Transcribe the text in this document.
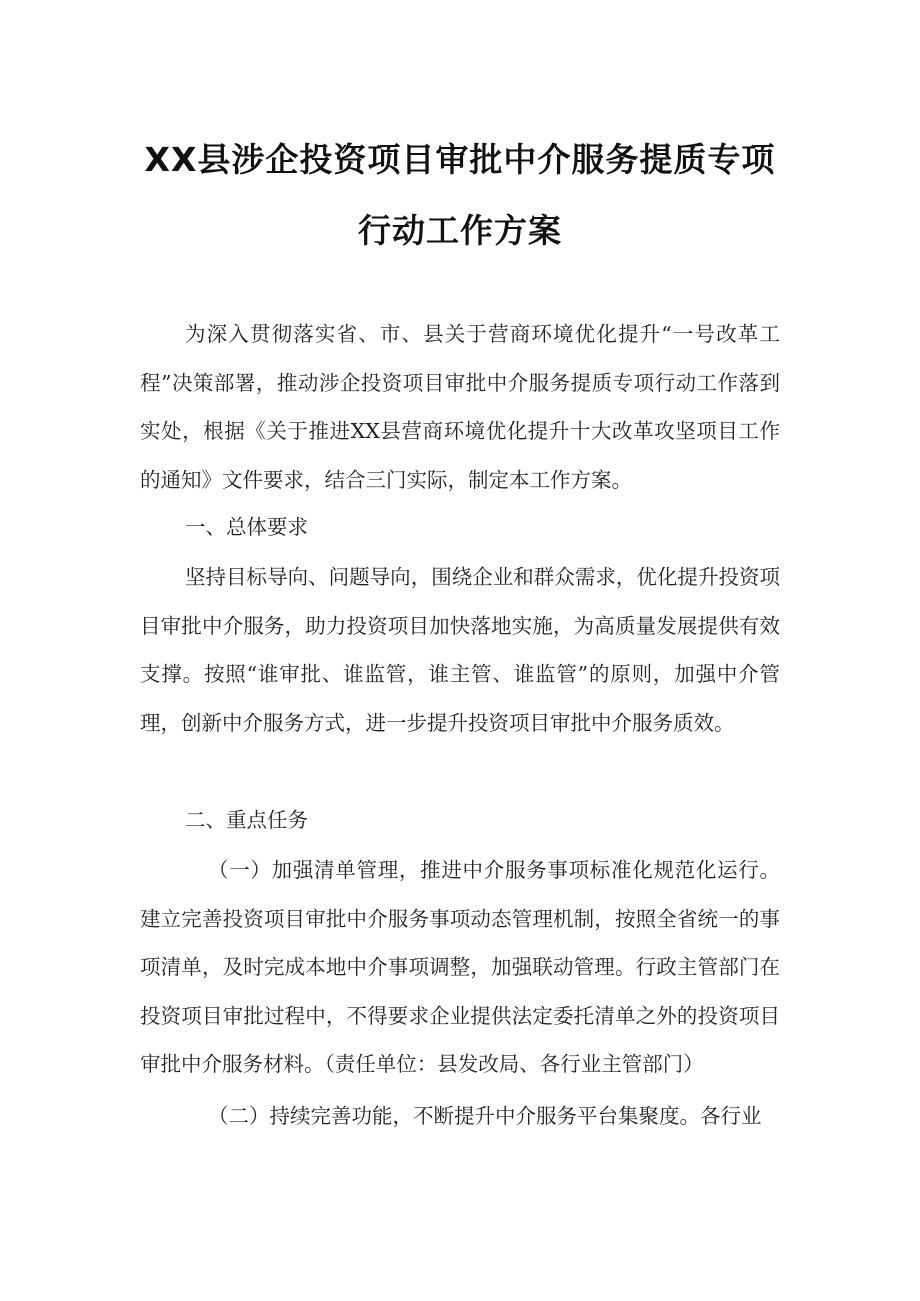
XX县涉企投资项目审批中介服务提质专项
行动工作方案

为深入贯彻落实省、市、县关于营商环境优化提升“一号改革工程”决策部署，推动涉企投资项目审批中介服务提质专项行动工作落到实处，根据《关于推进XX县营商环境优化提升十大改革攻坚项目工作的通知》文件要求，结合三门实际，制定本工作方案。

一、总体要求

坚持目标导向、问题导向，围绕企业和群众需求，优化提升投资项目审批中介服务，助力投资项目加快落地实施，为高质量发展提供有效支撑。按照“谁审批、谁监管，谁主管、谁监管”的原则，加强中介管理，创新中介服务方式，进一步提升投资项目审批中介服务质效。

二、重点任务

（一）加强清单管理，推进中介服务事项标准化规范化运行。建立完善投资项目审批中介服务事项动态管理机制，按照全省统一的事项清单，及时完成本地中介事项调整，加强联动管理。行政主管部门在投资项目审批过程中，不得要求企业提供法定委托清单之外的投资项目审批中介服务材料。（责任单位：县发改局、各行业主管部门）

（二）持续完善功能，不断提升中介服务平台集聚度。各行业
